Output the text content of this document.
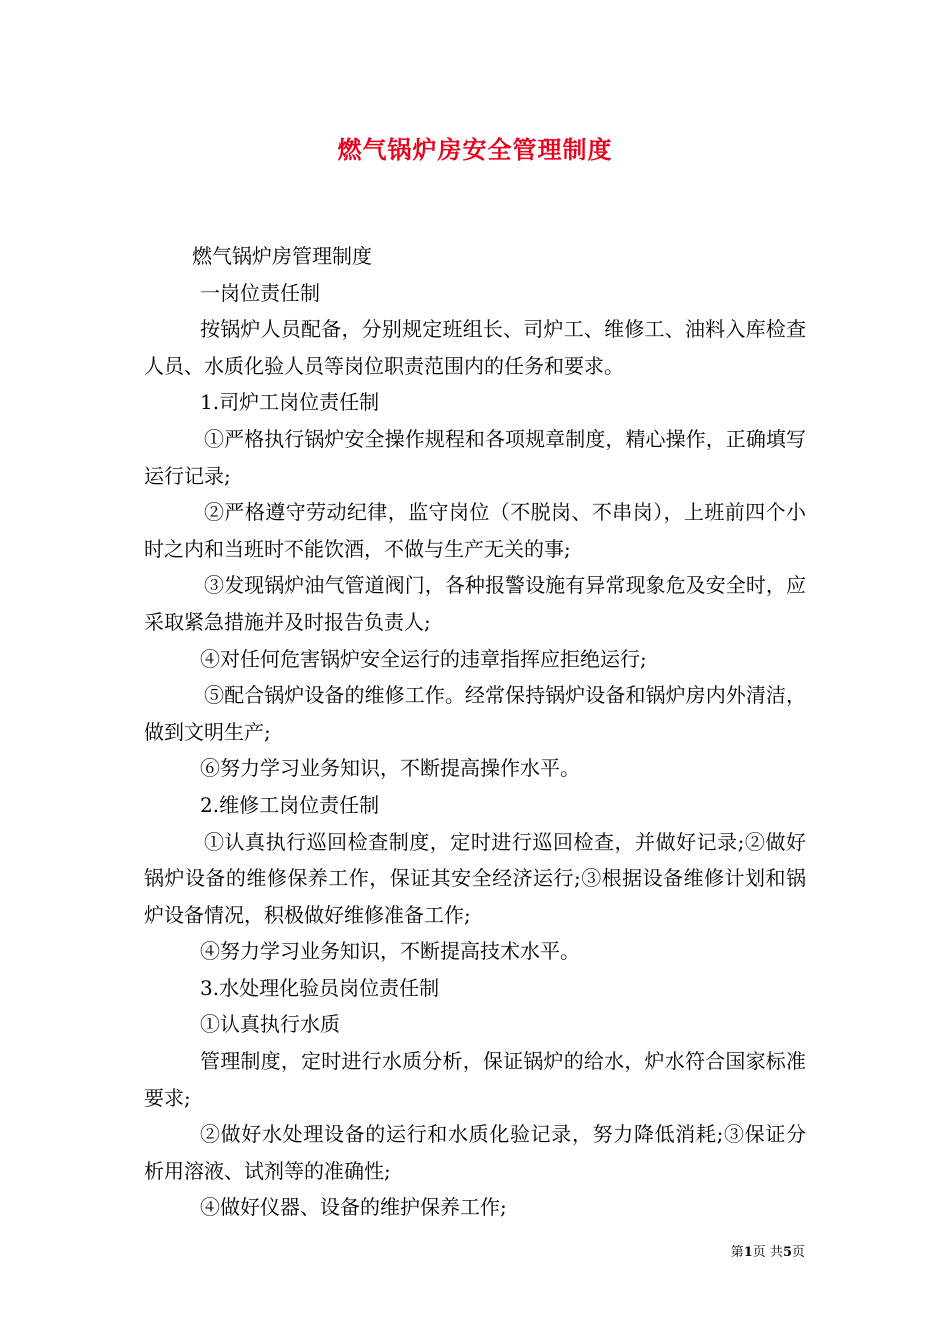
燃气锅炉房安全管理制度

燃气锅炉房管理制度

一岗位责任制

按锅炉人员配备，分别规定班组长、司炉工、维修工、油料入库检查人员、水质化验人员等岗位职责范围内的任务和要求。

1.司炉工岗位责任制

①严格执行锅炉安全操作规程和各项规章制度，精心操作，正确填写运行记录;

②严格遵守劳动纪律，监守岗位（不脱岗、不串岗），上班前四个小时之内和当班时不能饮酒，不做与生产无关的事;

③发现锅炉油气管道阀门，各种报警设施有异常现象危及安全时，应采取紧急措施并及时报告负责人;

④对任何危害锅炉安全运行的违章指挥应拒绝运行;

⑤配合锅炉设备的维修工作。经常保持锅炉设备和锅炉房内外清洁，做到文明生产;

⑥努力学习业务知识，不断提高操作水平。

2.维修工岗位责任制

①认真执行巡回检查制度，定时进行巡回检查，并做好记录;②做好锅炉设备的维修保养工作，保证其安全经济运行;③根据设备维修计划和锅炉设备情况，积极做好维修准备工作;

④努力学习业务知识，不断提高技术水平。

3.水处理化验员岗位责任制

①认真执行水质

管理制度，定时进行水质分析，保证锅炉的给水，炉水符合国家标准要求;

②做好水处理设备的运行和水质化验记录，努力降低消耗;③保证分析用溶液、试剂等的准确性;

④做好仪器、设备的维护保养工作;

第1页 共5页
